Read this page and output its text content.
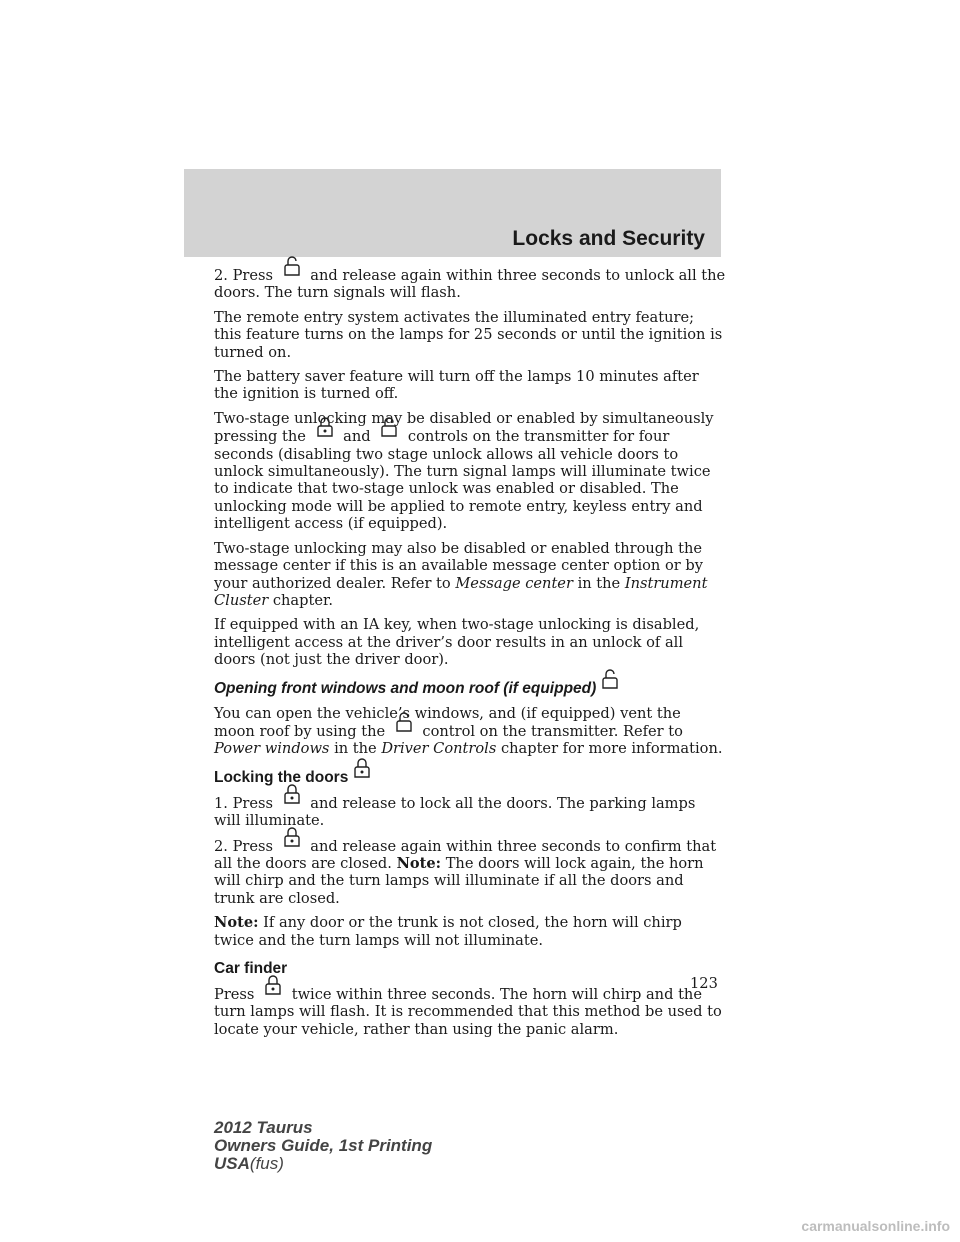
Locks and Security

2. Press	and release again within three seconds to unlock all the doors. The turn signals will flash.

The remote entry system activates the illuminated entry feature; this feature turns on the lamps for 25 seconds or until the ignition is turned on.

The battery saver feature will turn off the lamps 10 minutes after the ignition is turned off.

Two-stage unlocking may be disabled or enabled by simultaneously pressing the	and	controls on the transmitter for four seconds (disabling two stage unlock allows all vehicle doors to unlock simultaneously). The turn signal lamps will illuminate twice to indicate that two-stage unlock was enabled or disabled. The unlocking mode will be applied to remote entry, keyless entry and intelligent access (if equipped).

Two-stage unlocking may also be disabled or enabled through the message center if this is an available message center option or by your authorized dealer. Refer to Message center in the Instrument Cluster chapter.

If equipped with an IA key, when two-stage unlocking is disabled, intelligent access at the driver’s door results in an unlock of all doors (not just the driver door).

Opening front windows and moon roof (if equipped)

You can open the vehicle’s windows, and (if equipped) vent the moon roof by using the	control on the transmitter. Refer to Power windows in the Driver Controls chapter for more information.

Locking the doors

1. Press	and release to lock all the doors. The parking lamps will illuminate.

2. Press	and release again within three seconds to confirm that all the doors are closed. Note: The doors will lock again, the horn will chirp and the turn lamps will illuminate if all the doors and trunk are closed.

Note: If any door or the trunk is not closed, the horn will chirp twice and the turn lamps will not illuminate.

Car finder

Press	twice within three seconds. The horn will chirp and the turn lamps will flash. It is recommended that this method be used to locate your vehicle, rather than using the panic alarm.

123
2012 Taurus
Owners Guide, 1st Printing
USA(fus)
carmanualsonline.info
